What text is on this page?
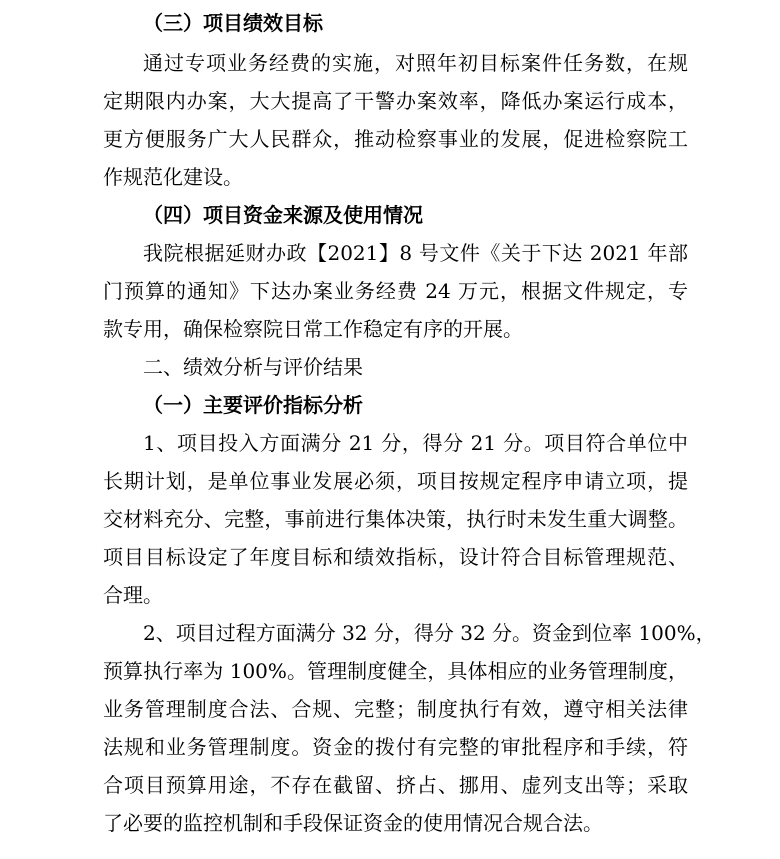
（三）项目绩效目标
通过专项业务经费的实施，对照年初目标案件任务数，在规
定期限内办案，大大提高了干警办案效率，降低办案运行成本，
更方便服务广大人民群众，推动检察事业的发展，促进检察院工
作规范化建设。
（四）项目资金来源及使用情况
我院根据延财办政【2021】8 号文件《关于下达 2021 年部
门预算的通知》下达办案业务经费 24 万元，根据文件规定，专
款专用，确保检察院日常工作稳定有序的开展。
二、绩效分析与评价结果
（一）主要评价指标分析
1、项目投入方面满分 21 分，得分 21 分。项目符合单位中
长期计划，是单位事业发展必须，项目按规定程序申请立项，提
交材料充分、完整，事前进行集体决策，执行时未发生重大调整。
项目目标设定了年度目标和绩效指标，设计符合目标管理规范、
合理。
2、项目过程方面满分 32 分，得分 32 分。资金到位率 100%，
预算执行率为 100%。管理制度健全，具体相应的业务管理制度，
业务管理制度合法、合规、完整；制度执行有效，遵守相关法律
法规和业务管理制度。资金的拨付有完整的审批程序和手续，符
合项目预算用途，不存在截留、挤占、挪用、虚列支出等；采取
了必要的监控机制和手段保证资金的使用情况合规合法。
